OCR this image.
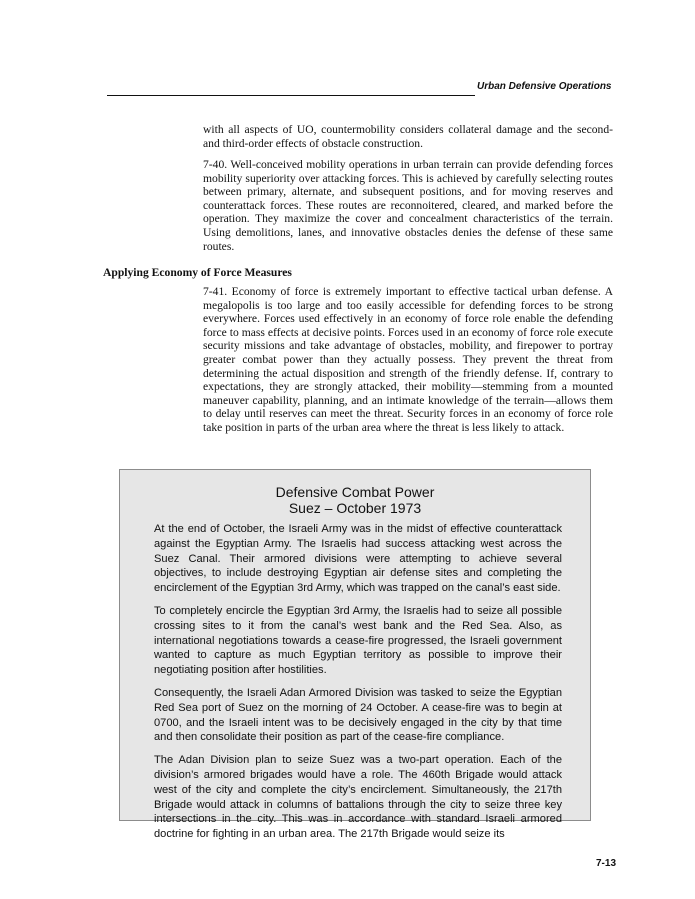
Urban Defensive Operations

with all aspects of UO, countermobility considers collateral damage and the second- and third-order effects of obstacle construction.

7-40. Well-conceived mobility operations in urban terrain can provide defending forces mobility superiority over attacking forces. This is achieved by carefully selecting routes between primary, alternate, and subsequent positions, and for moving reserves and counterattack forces. These routes are reconnoitered, cleared, and marked before the operation. They maximize the cover and concealment characteristics of the terrain. Using demolitions, lanes, and innovative obstacles denies the defense of these same routes.

Applying Economy of Force Measures

7-41. Economy of force is extremely important to effective tactical urban defense. A megalopolis is too large and too easily accessible for defending forces to be strong everywhere. Forces used effectively in an economy of force role enable the defending force to mass effects at decisive points. Forces used in an economy of force role execute security missions and take advantage of obstacles, mobility, and firepower to portray greater combat power than they actually possess. They prevent the threat from determining the actual disposition and strength of the friendly defense. If, contrary to expectations, they are strongly attacked, their mobility—stemming from a mounted maneuver capability, planning, and an intimate knowledge of the terrain—allows them to delay until reserves can meet the threat. Security forces in an economy of force role take position in parts of the urban area where the threat is less likely to attack.

Defensive Combat Power
Suez – October 1973

At the end of October, the Israeli Army was in the midst of effective counterattack against the Egyptian Army. The Israelis had success attacking west across the Suez Canal. Their armored divisions were attempting to achieve several objectives, to include destroying Egyptian air defense sites and completing the encirclement of the Egyptian 3rd Army, which was trapped on the canal’s east side.

To completely encircle the Egyptian 3rd Army, the Israelis had to seize all possible crossing sites to it from the canal’s west bank and the Red Sea. Also, as international negotiations towards a cease-fire progressed, the Israeli government wanted to capture as much Egyptian territory as possible to improve their negotiating position after hostilities.

Consequently, the Israeli Adan Armored Division was tasked to seize the Egyptian Red Sea port of Suez on the morning of 24 October. A cease-fire was to begin at 0700, and the Israeli intent was to be decisively engaged in the city by that time and then consolidate their position as part of the cease-fire compliance.

The Adan Division plan to seize Suez was a two-part operation. Each of the division’s armored brigades would have a role. The 460th Brigade would attack west of the city and complete the city’s encirclement. Simultaneously, the 217th Brigade would attack in columns of battalions through the city to seize three key intersections in the city. This was in accordance with standard Israeli armored doctrine for fighting in an urban area. The 217th Brigade would seize its

7-13
